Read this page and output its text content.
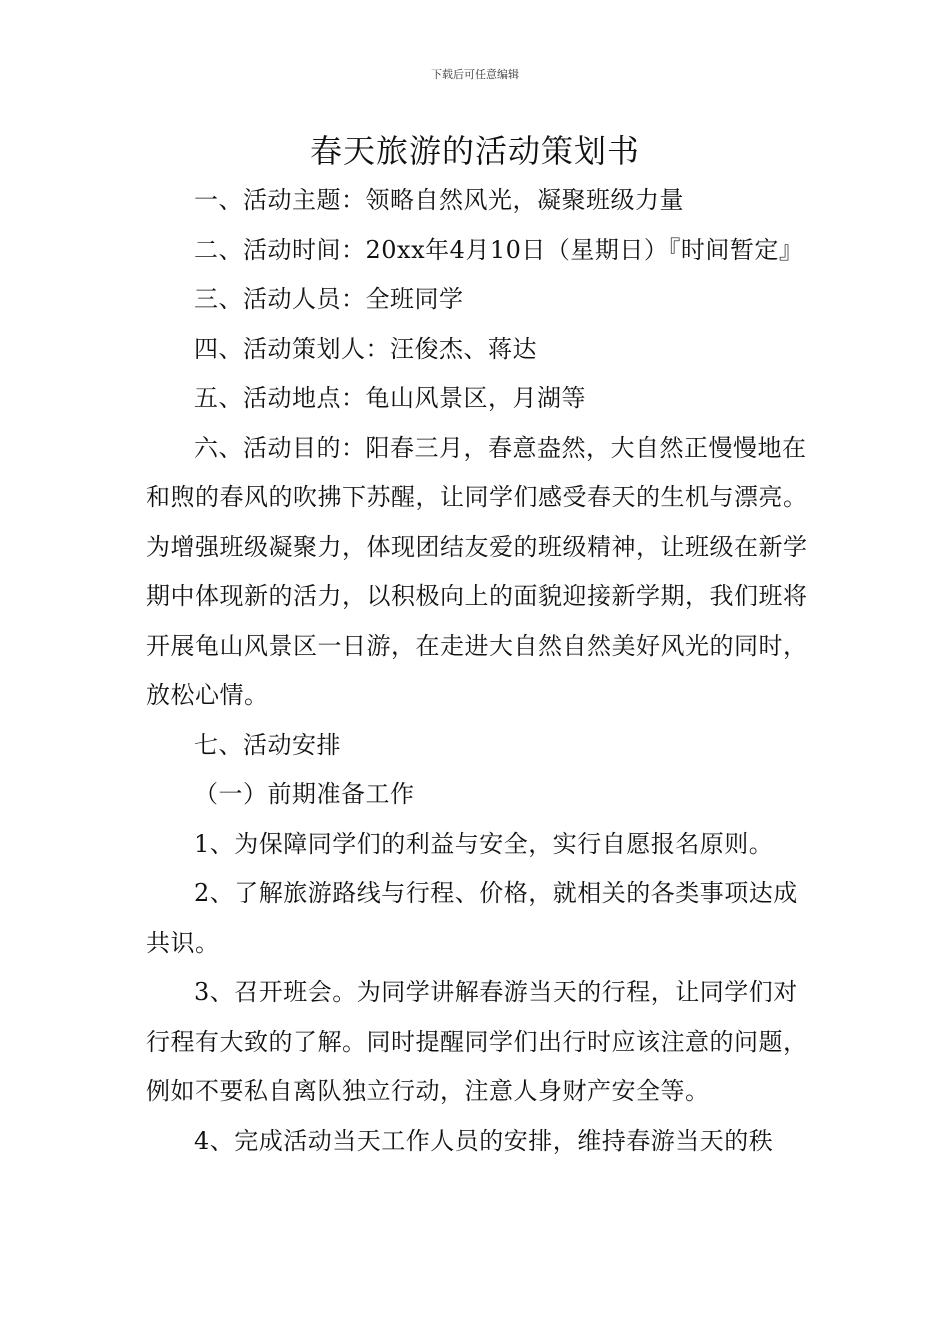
下载后可任意编辑
春天旅游的活动策划书

一、活动主题：领略自然风光，凝聚班级力量

二、活动时间：20xx年4月10日（星期日）『时间暂定』

三、活动人员：全班同学

四、活动策划人：汪俊杰、蒋达

五、活动地点：龟山风景区，月湖等

六、活动目的：阳春三月，春意盎然，大自然正慢慢地在和煦的春风的吹拂下苏醒，让同学们感受春天的生机与漂亮。为增强班级凝聚力，体现团结友爱的班级精神，让班级在新学期中体现新的活力，以积极向上的面貌迎接新学期，我们班将开展龟山风景区一日游，在走进大自然自然美好风光的同时，放松心情。

七、活动安排

（一）前期准备工作

1、为保障同学们的利益与安全，实行自愿报名原则。

2、了解旅游路线与行程、价格，就相关的各类事项达成共识。

3、召开班会。为同学讲解春游当天的行程，让同学们对行程有大致的了解。同时提醒同学们出行时应该注意的问题，例如不要私自离队独立行动，注意人身财产安全等。

4、完成活动当天工作人员的安排，维持春游当天的秩
